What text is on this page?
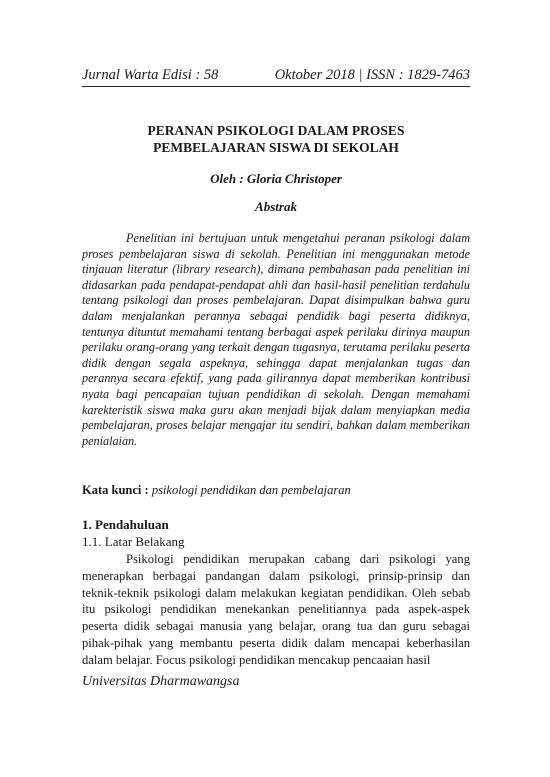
Jurnal Warta Edisi : 58	Oktober 2018 | ISSN : 1829-7463
PERANAN PSIKOLOGI DALAM PROSES
PEMBELAJARAN SISWA DI SEKOLAH
Oleh : Gloria Christoper
Abstrak

Penelitian ini bertujuan untuk mengetahui peranan psikologi dalam proses pembelajaran siswa di sekolah. Penelitian ini menggunakan metode tinjauan literatur (library research), dimana pembahasan pada penelitian ini didasarkan pada pendapat-pendapat ahli dan hasil-hasil penelitian terdahulu tentang psikologi dan proses pembelajaran. Dapat disimpulkan bahwa guru dalam menjalankan perannya sebagai pendidik bagi peserta didiknya, tentunya dituntut memahami tentang berbagai aspek perilaku dirinya maupun perilaku orang-orang yang terkait dengan tugasnya, terutama perilaku peserta didik dengan segala aspeknya, sehingga dapat menjalankan tugas dan perannya secara efektif, yang pada gilirannya dapat memberikan kontribusi nyata bagi pencapaian tujuan pendidikan di sekolah. Dengan memahami karekteristik siswa maka guru akan menjadi bijak dalam menyiapkan media pembelajaran, proses belajar mengajar itu sendiri, bahkan dalam memberikan penialaian.

Kata kunci : psikologi pendidikan dan pembelajaran
1. Pendahuluan
1.1. Latar Belakang

Psikologi pendidikan merupakan cabang dari psikologi yang menerapkan berbagai pandangan dalam psikologi, prinsip-prinsip dan teknik-teknik psikologi dalam melakukan kegiatan pendidikan. Oleh sebab itu psikologi pendidikan menekankan penelitiannya pada aspek-aspek peserta didik sebagai manusia yang belajar, orang tua dan guru sebagai pihak-pihak yang membantu peserta didik dalam mencapai keberhasilan dalam belajar. Focus psikologi pendidikan mencakup pencaaian hasil

Universitas Dharmawangsa
